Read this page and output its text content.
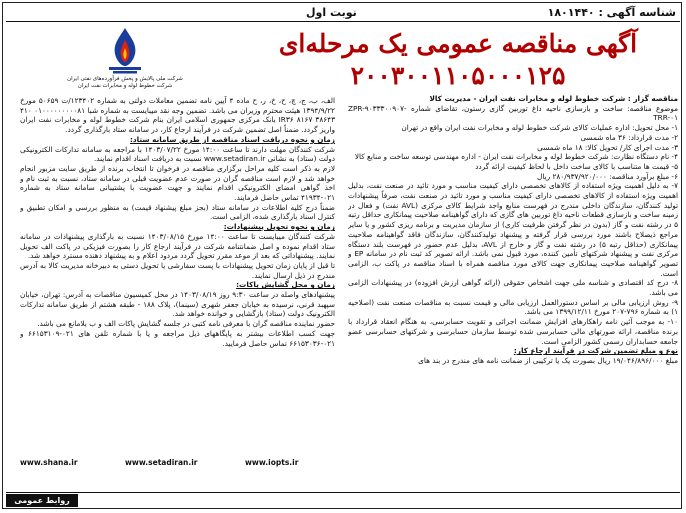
شناسه آگهی : ۱۸۰۱۴۴۰
نوبت اول
شرکت ملی پالایش و پخش فرآورده‌های نفتی ایران
شرکت خطوط لوله و مخابرات نفت ایران
آگهی مناقصه عمومی یک مرحله‌ای
۲۰۰۳۰۰۱۱۰۵۰۰۰۱۲۵

مناقصه گزار : شرکت خطوط لوله و مخابرات نفت ایران - مدیریت کالا

موضوع مناقصه: ساخت و بازسازی ناحیه داغ توربین گازی رستون، تقاضای شماره ZPR-۹۰۳۳۳۰۰۹۰۷-TRR-۰۱

۱- محل تحویل: اداره عملیات کالای شرکت خطوط لوله و مخابرات نفت ایران واقع در تهران

۲- مدت قرارداد: ۳۶ ماه شمسی

۳- مدت اجرای کار/ تحویل کالا: ۱۸ ماه شمسی

۴- نام دستگاه نظارت: شرکت خطوط لوله و مخابرات نفت ایران - اداره مهندسی توسعه ساخت و منابع کالا

۵- قیمت ها متناسب با کالای ساخت داخل با لحاظ کیفیت ارائه گردد

۶- مبلغ برآورد مناقصه: ۲۸۰/۹۳۷/۹۲۰/۰۰۰ ریال

۷- به دلیل اهمیت ویژه استفاده از کالاهای تخصصی دارای کیفیت مناسب و مورد تائید در صنعت نفت، بدلیل اهمیت ویژه استفاده از کالاهای تخصصی دارای کیفیت مناسب و مورد تائید در صنعت نفت، صرفاً پیشنهادات تولید کنندگان، سازندگان داخلی مندرج در فهرست منابع واجد شرایط کالای مرکزی (AVL نفت) و فعال در زمینه ساخت و بازسازی قطعات ناحیه داغ توربین های گازی که دارای گواهینامه صلاحیت پیمانکاری حداقل رتبه ۵ در رشته نفت و گاز (بدون در نظر گرفتن ظرفیت کاری) از سازمان مدیریت و برنامه ریزی کشور و یا سایر مراجع ذیصلاح باشند مورد بررسی قرار گرفته و پیشنهاد تولیدکنندگان، سازندگان فاقد گواهینامه صلاحیت پیمانکاری (حداقل رتبه ۵) در رشته نفت و گاز و خارج از AVL، بدلیل عدم حضور در فهرست بلند دستگاه مرکزی نفت و پیشنهاد شرکتهای تأمین کننده، مورد قبول نمی باشد. ارائه تصویر کد ثبت نام در سامانه EP و تصویر گواهینامه صلاحیت پیمانکاری جهت کالای مورد مناقصه همراه با اسناد مناقصه در پاکت ب، الزامی است.

۸- درج کد اقتصادی و شناسه ملی جهت اشخاص حقوقی (ارائه گواهی ارزش افزوده) در پیشنهادات الزامی می باشد.

۹- روش ارزیابی مالی بر اساس دستورالعمل ارزیابی مالی و قیمت نسبت به مناقصات صنعت نفت (اصلاحیه ۱) به شماره ۷۹۶-۲۰۷ مورخ ۱۳۹۹/۱۲/۱۱ می باشد.

۱۰- به موجب آئین نامه راهکارهای افزایش ضمانت اجرائی و تقویت حسابرسی، به هنگام انعقاد قرارداد با برنده مناقصه، ارائه صورتهای مالی حسابرسی شده توسط سازمان حسابرسی و شرکتهای حسابرسی عضو جامعه حسابداران رسمی کشور الزامی است.

نوع و مبلغ تضمین شرکت در فرآیند ارجاع کار:

مبلغ ۱۹/۰۴۶/۸۹۶/۰۰۰ ریال بصورت یک یا ترکیبی از ضمانت نامه های مندرج در بند های

الف، ب، ج، چ، ح، خ، ر، ح ماده ۴ آیین نامه تضمین معاملات دولتی به شماره ۱۲۳۴۰۲/ت ۵۰۶۵۹ مورخ ۱۳۹۴/۹/۲۲ هیئت محترم وزیران می باشد. تضمین وجه نقد میبایست به شماره شبا ۰۱۰۰۰۰۰۰۰۰۰۸۱ ۴۱۰ ۳۸۶۴۳ ۸۱۶۷ IR۳۶ بانک مرکزی جمهوری اسلامی ایران بنام شرکت خطوط لوله و مخابرات نفت ایران واریز گردد. ضمناً اصل تضمین شرکت در فرآیند ارجاع کار، در سامانه ستاد بارگذاری گردد.

زمان و نحوه دریافت اسناد مناقصه از طریق سامانه ستاد:

شرکت کنندگان مهلت دارند تا ساعت ۱۴:۰۰ مورخ ۱۴۰۳/۰۷/۲۲ با مراجعه به سامانه تدارکات الکترونیکی دولت (ستاد) به نشانی www.setadiran.ir نسبت به دریافت اسناد اقدام نمایند.

لازم به ذکر است کلیه مراحل برگزاری مناقصه در فرخوان تا انتخاب برنده از طریق سایت مزبور انجام خواهد شد و لازم است مناقصه گران در صورت عدم عضویت قبلی در سامانه ستاد، نسبت به ثبت نام و اخذ گواهی امضای الکترونیکی اقدام نمایند و جهت عضویت با پشتیبانی سامانه ستاد به شماره ۰۲۱-۴۱۹۳۴ تماس حاصل فرمایند.

ضمناً درج کلیه اطلاعات در سامانه ستاد (بجز مبلغ پیشنهاد قیمت) به منظور بررسی و امکان تطبیق و کنترل اسناد بارگذاری شده، الزامی است.

زمان و نحوه تحویل پیشنهادات:

شرکت کنندگان میبایست تا ساعت ۱۴:۰۰ مورخ ۱۴۰۳/۰۸/۱۵ نسبت به بارگذاری پیشنهادات در سامانه ستاد اقدام نموده و اصل ضمانتنامه شرکت در فرآیند ارجاع کار را بصورت فیزیکی در پاکت الف تحویل نمایند. پیشنهاداتی که بعد از موعد مقرر تحویل گردد مردود اعلام و به پیشنهاد دهنده مسترد خواهد شد.

تا قبل از پایان زمان تحویل پیشنهادات با پست سفارشی یا تحویل دستی به دبیرخانه مدیریت کالا به آدرس مندرج در ذیل ارسال نمایند.

زمان و محل گشایش پاکات:

پیشنهادهای واصله در ساعت ۹:۳۰ روز ۱۴۰۳/۰۸/۱۹ در محل کمیسیون مناقصات به آدرس: تهران، خیابان سپهبد قرنی، نرسیده به خیابان جعفر شهری (سینما)، پلاک ۱۸۸ - طبقه هشتم از طریق سامانه تدارکات الکترونیک دولت (ستاد) بازگشایی و خوانده خواهد شد.

حضور نماینده مناقصه گران با معرفی نامه کتبی در جلسه گشایش پاکات الف و ب بلامانع می باشد.

جهت کسب اطلاعات بیشتر به پایگاههای ذیل مراجعه و یا با شماره تلفن های ۰۲۱-۶۶۱۵۳۱۰۹ و ۰۲۱-۶۶۱۵۳۰۳۶ تماس حاصل فرمایید.

www.shana.ir	www.setadiran.ir	www.iopts.ir
روابط عمومی
